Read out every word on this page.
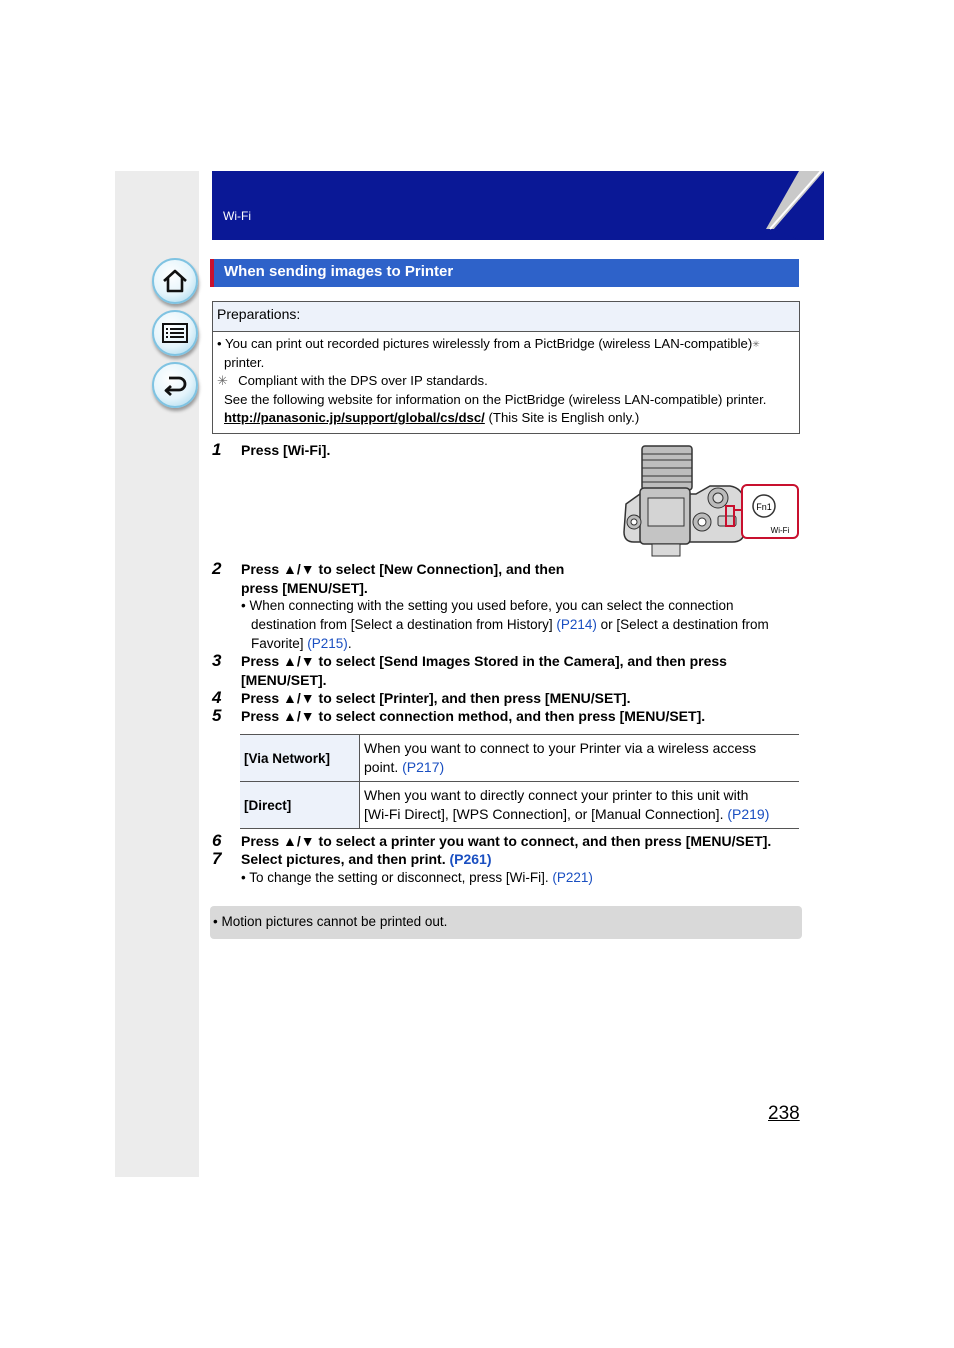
Wi-Fi
When sending images to Printer
Preparations:
• You can print out recorded pictures wirelessly from a PictBridge (wireless LAN-compatible)✳
printer.
✳ Compliant with the DPS over IP standards.
See the following website for information on the PictBridge (wireless LAN-compatible) printer.
http://panasonic.jp/support/global/cs/dsc/ (This Site is English only.)
1 Press [Wi-Fi].
Fn1
Wi-Fi
2 Press ▲/▼ to select [New Connection], and then
press [MENU/SET].
• When connecting with the setting you used before, you can select the connection
destination from [Select a destination from History] (P214) or [Select a destination from
Favorite] (P215).
3 Press ▲/▼ to select [Send Images Stored in the Camera], and then press
[MENU/SET].
4 Press ▲/▼ to select [Printer], and then press [MENU/SET].
5 Press ▲/▼ to select connection method, and then press [MENU/SET].
[Via Network]	When you want to connect to your Printer via a wireless access
point. (P217)

[Direct]	When you want to directly connect your printer to this unit with
[Wi-Fi Direct], [WPS Connection], or [Manual Connection]. (P219)
6 Press ▲/▼ to select a printer you want to connect, and then press [MENU/SET].
7 Select pictures, and then print. (P261)
• To change the setting or disconnect, press [Wi-Fi]. (P221)
• Motion pictures cannot be printed out.
238
